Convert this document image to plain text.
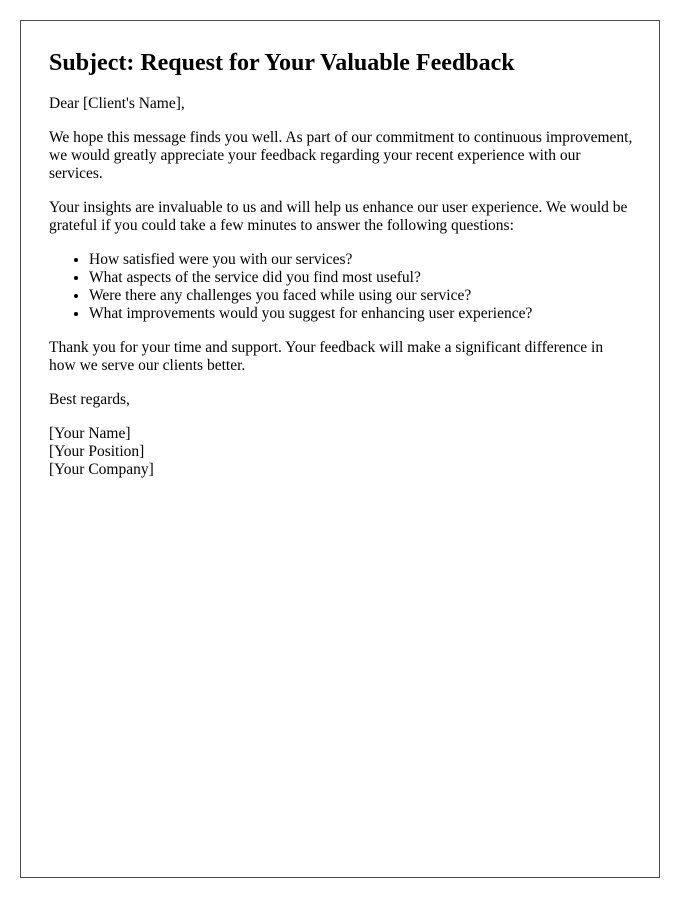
Subject: Request for Your Valuable Feedback

Dear [Client's Name],

We hope this message finds you well. As part of our commitment to continuous improvement, we would greatly appreciate your feedback regarding your recent experience with our services.

Your insights are invaluable to us and will help us enhance our user experience. We would be grateful if you could take a few minutes to answer the following questions:

• How satisfied were you with our services?
• What aspects of the service did you find most useful?
• Were there any challenges you faced while using our service?
• What improvements would you suggest for enhancing user experience?

Thank you for your time and support. Your feedback will make a significant difference in how we serve our clients better.

Best regards,

[Your Name]
[Your Position]
[Your Company]
